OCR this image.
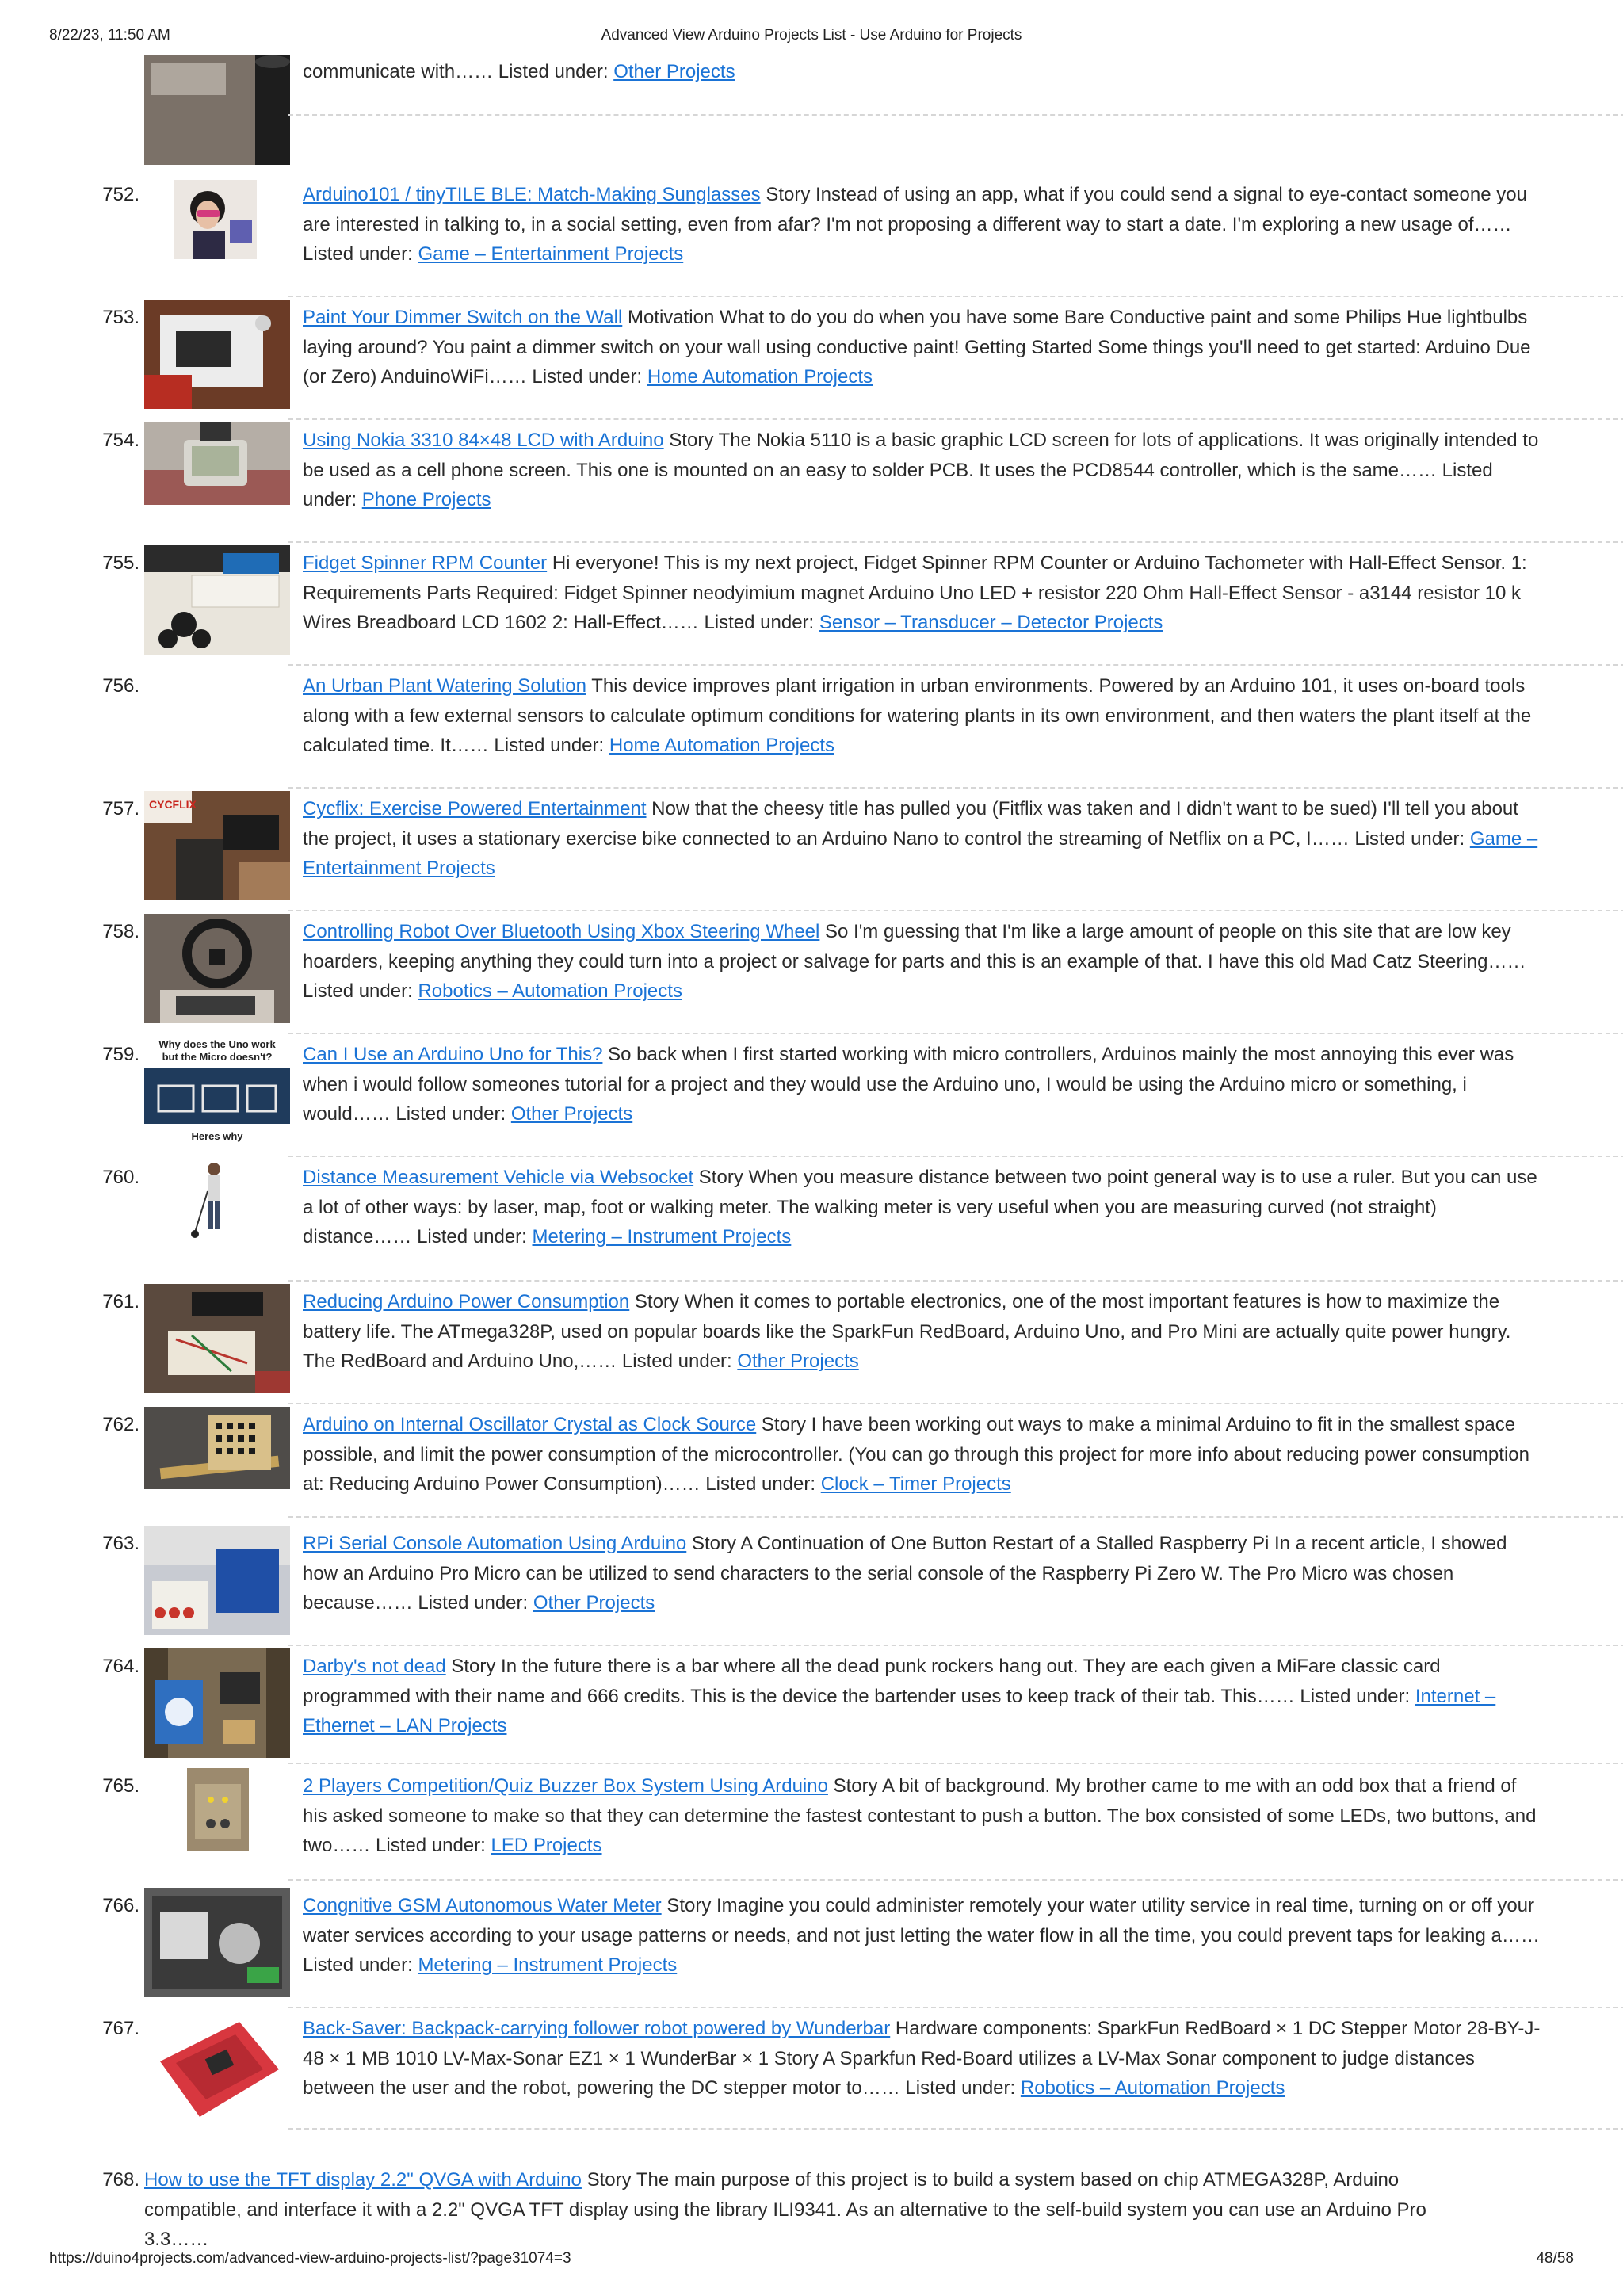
8/22/23, 11:50 AM	Advanced View Arduino Projects List - Use Arduino for Projects
communicate with…… Listed under: Other Projects
752.	Arduino101 / tinyTILE BLE: Match-Making Sunglasses Story Instead of using an app, what if you could send a signal to eye-contact someone you are interested in talking to, in a social setting, even from afar? I'm not proposing a different way to start a date. I'm exploring a new usage of…… Listed under: Game – Entertainment Projects
753.	Paint Your Dimmer Switch on the Wall Motivation What to do you do when you have some Bare Conductive paint and some Philips Hue lightbulbs laying around? You paint a dimmer switch on your wall using conductive paint! Getting Started Some things you'll need to get started: Arduino Due (or Zero) AnduinoWiFi…… Listed under: Home Automation Projects
754.	Using Nokia 3310 84×48 LCD with Arduino Story The Nokia 5110 is a basic graphic LCD screen for lots of applications. It was originally intended to be used as a cell phone screen. This one is mounted on an easy to solder PCB. It uses the PCD8544 controller, which is the same…… Listed under: Phone Projects
755.	Fidget Spinner RPM Counter Hi everyone! This is my next project, Fidget Spinner RPM Counter or Arduino Tachometer with Hall-Effect Sensor. 1: Requirements Parts Required: Fidget Spinner neodyimium magnet Arduino Uno LED + resistor 220 Ohm Hall-Effect Sensor - a3144 resistor 10 k Wires Breadboard LCD 1602 2: Hall-Effect…… Listed under: Sensor – Transducer – Detector Projects
756.	An Urban Plant Watering Solution This device improves plant irrigation in urban environments. Powered by an Arduino 101, it uses on-board tools along with a few external sensors to calculate optimum conditions for watering plants in its own environment, and then waters the plant itself at the calculated time. It…… Listed under: Home Automation Projects
757. CYCFLIX	Cycflix: Exercise Powered Entertainment Now that the cheesy title has pulled you (Fitflix was taken and I didn't want to be sued) I'll tell you about the project, it uses a stationary exercise bike connected to an Arduino Nano to control the streaming of Netflix on a PC, I…… Listed under: Game – Entertainment Projects
758.	Controlling Robot Over Bluetooth Using Xbox Steering Wheel So I'm guessing that I'm like a large amount of people on this site that are low key hoarders, keeping anything they could turn into a project or salvage for parts and this is an example of that. I have this old Mad Catz Steering…… Listed under: Robotics – Automation Projects
759. Why does the Uno work
but the Micro doesn't?
Heres why
Can I Use an Arduino Uno for This? So back when I first started working with micro controllers, Arduinos mainly the most annoying this ever was when i would follow someones tutorial for a project and they would use the Arduino uno, I would be using the Arduino micro or something, i would…… Listed under: Other Projects
760.	Distance Measurement Vehicle via Websocket Story When you measure distance between two point general way is to use a ruler. But you can use a lot of other ways: by laser, map, foot or walking meter. The walking meter is very useful when you are measuring curved (not straight) distance…… Listed under: Metering – Instrument Projects
761.	Reducing Arduino Power Consumption Story When it comes to portable electronics, one of the most important features is how to maximize the battery life. The ATmega328P, used on popular boards like the SparkFun RedBoard, Arduino Uno, and Pro Mini are actually quite power hungry. The RedBoard and Arduino Uno,…… Listed under: Other Projects
762.	Arduino on Internal Oscillator Crystal as Clock Source Story I have been working out ways to make a minimal Arduino to fit in the smallest space possible, and limit the power consumption of the microcontroller. (You can go through this project for more info about reducing power consumption at: Reducing Arduino Power Consumption)…… Listed under: Clock – Timer Projects
763.	RPi Serial Console Automation Using Arduino Story A Continuation of One Button Restart of a Stalled Raspberry Pi In a recent article, I showed how an Arduino Pro Micro can be utilized to send characters to the serial console of the Raspberry Pi Zero W. The Pro Micro was chosen because…… Listed under: Other Projects
764.	Darby's not dead Story In the future there is a bar where all the dead punk rockers hang out. They are each given a MiFare classic card programmed with their name and 666 credits. This is the device the bartender uses to keep track of their tab. This…… Listed under: Internet – Ethernet – LAN Projects
765.	2 Players Competition/Quiz Buzzer Box System Using Arduino Story A bit of background. My brother came to me with an odd box that a friend of his asked someone to make so that they can determine the fastest contestant to push a button. The box consisted of some LEDs, two buttons, and two…… Listed under: LED Projects
766.	Congnitive GSM Autonomous Water Meter Story Imagine you could administer remotely your water utility service in real time, turning on or off your water services according to your usage patterns or needs, and not just letting the water flow in all the time, you could prevent taps for leaking a…… Listed under: Metering – Instrument Projects
767.	Back-Saver: Backpack-carrying follower robot powered by Wunderbar Hardware components: SparkFun RedBoard × 1 DC Stepper Motor 28-BY-J-48 × 1 MB 1010 LV-Max-Sonar EZ1 × 1 WunderBar × 1 Story A Sparkfun Red-Board utilizes a LV-Max Sonar component to judge distances between the user and the robot, powering the DC stepper motor to…… Listed under: Robotics – Automation Projects
768. How to use the TFT display 2.2" QVGA with Arduino Story The main purpose of this project is to build a system based on chip ATMEGA328P, Arduino
compatible, and interface it with a 2.2" QVGA TFT display using the library ILI9341. As an alternative to the self-build system you can use an Arduino Pro 3.3……
https://duino4projects.com/advanced-view-arduino-projects-list/?page31074=3	48/58
